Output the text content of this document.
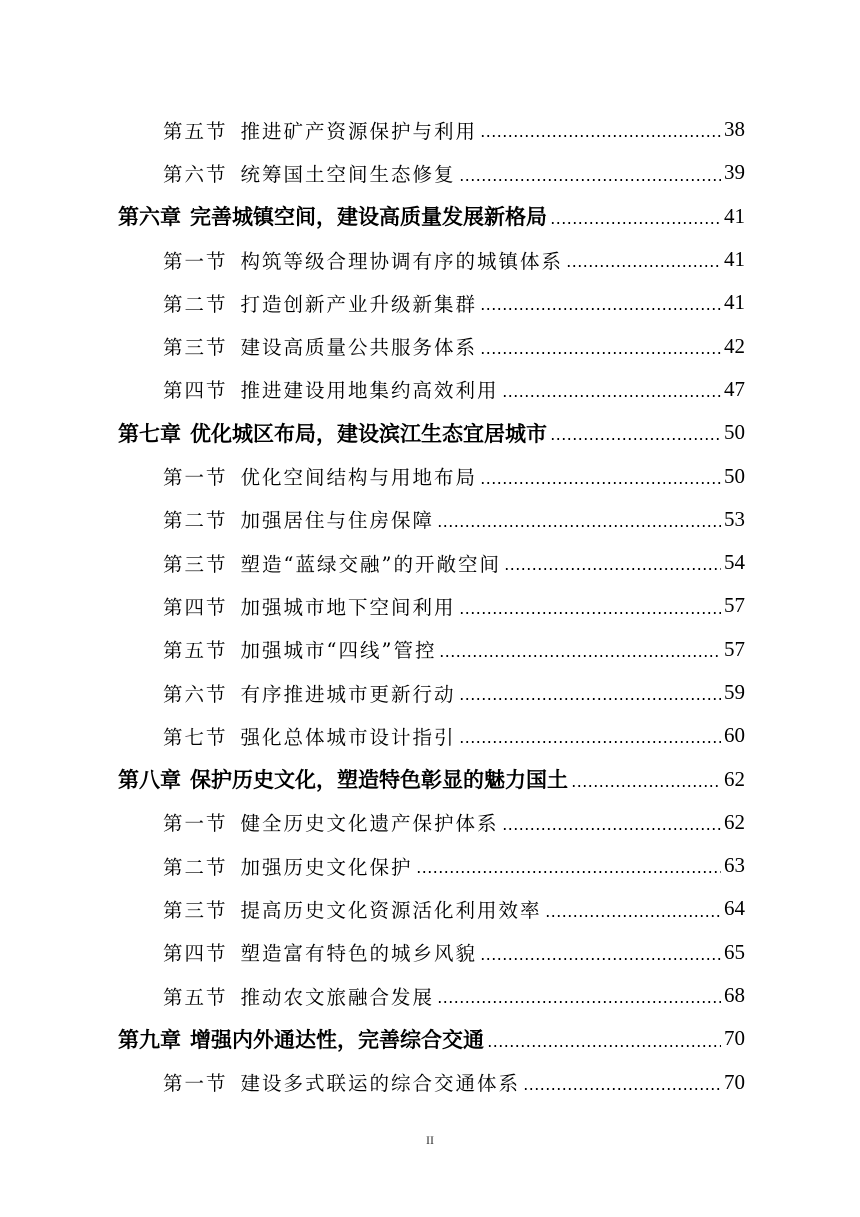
第五节 推进矿产资源保护与利用	38
第六节 统筹国土空间生态修复	39
第六章 完善城镇空间，建设高质量发展新格局	41
第一节 构筑等级合理协调有序的城镇体系	41
第二节 打造创新产业升级新集群	41
第三节 建设高质量公共服务体系	42
第四节 推进建设用地集约高效利用	47
第七章 优化城区布局，建设滨江生态宜居城市	50
第一节 优化空间结构与用地布局	50
第二节 加强居住与住房保障	53
第三节 塑造“蓝绿交融”的开敞空间	54
第四节 加强城市地下空间利用	57
第五节 加强城市“四线”管控	57
第六节 有序推进城市更新行动	59
第七节 强化总体城市设计指引	60
第八章 保护历史文化，塑造特色彰显的魅力国土	62
第一节 健全历史文化遗产保护体系	62
第二节 加强历史文化保护	63
第三节 提高历史文化资源活化利用效率	64
第四节 塑造富有特色的城乡风貌	65
第五节 推动农文旅融合发展	68
第九章 增强内外通达性，完善综合交通	70
第一节 建设多式联运的综合交通体系	70
II
